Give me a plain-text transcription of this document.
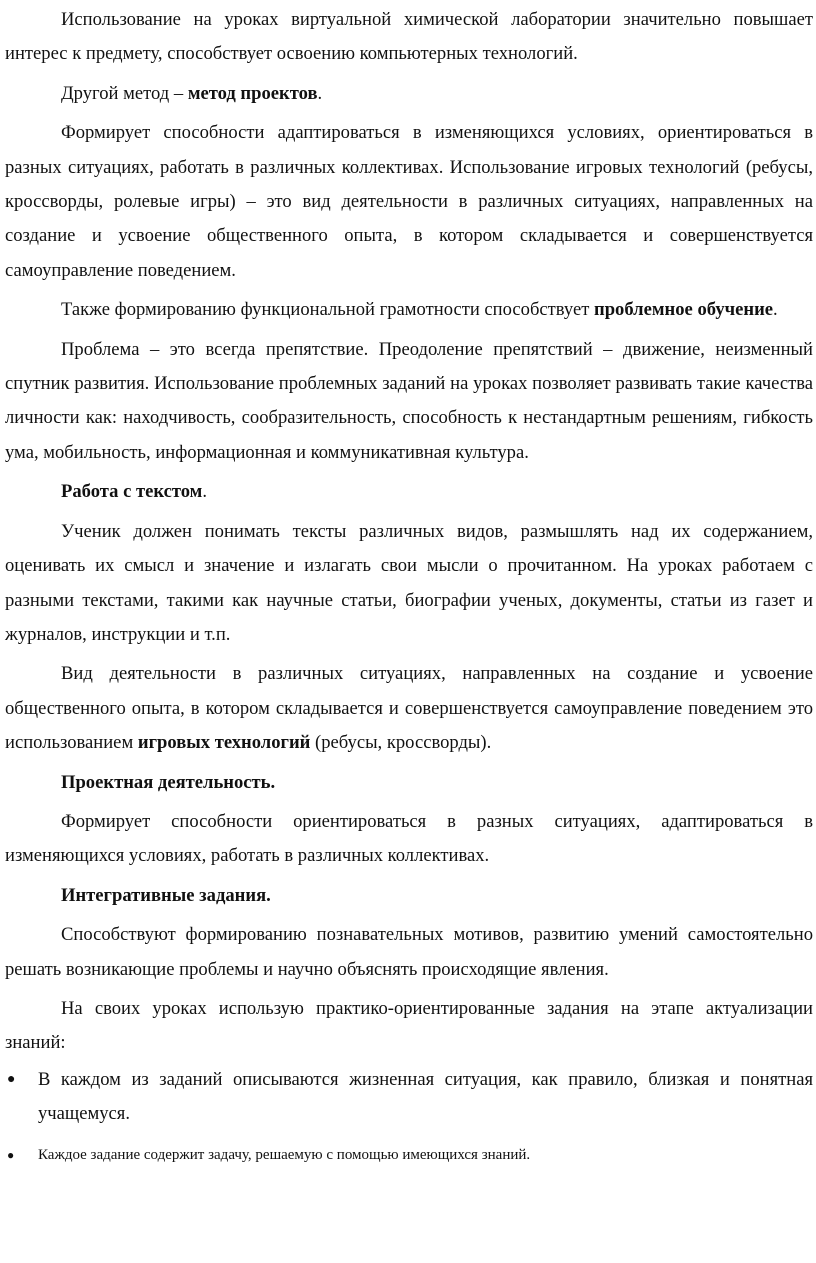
Использование на уроках виртуальной химической лаборатории значительно повышает интерес к предмету, способствует освоению компьютерных технологий.

Другой метод – метод проектов.

Формирует способности адаптироваться в изменяющихся условиях, ориентироваться в разных ситуациях, работать в различных коллективах. Использование игровых технологий (ребусы, кроссворды, ролевые игры) – это вид деятельности в различных ситуациях, направленных на создание и усвоение общественного опыта, в котором складывается и совершенствуется самоуправление поведением.

Также формированию функциональной грамотности способствует проблемное обучение.

Проблема – это всегда препятствие. Преодоление препятствий – движение, неизменный спутник развития. Использование проблемных заданий на уроках позволяет развивать такие качества личности как: находчивость, сообразительность, способность к нестандартным решениям, гибкость ума, мобильность, информационная и коммуникативная культура.

Работа с текстом.

Ученик должен понимать тексты различных видов, размышлять над их содержанием, оценивать их смысл и значение и излагать свои мысли о прочитанном. На уроках работаем с разными текстами, такими как научные статьи, биографии ученых, документы, статьи из газет и журналов, инструкции и т.п.

Вид деятельности в различных ситуациях, направленных на создание и усвоение общественного опыта, в котором складывается и совершенствуется самоуправление поведением это использованием игровых технологий (ребусы, кроссворды).

Проектная деятельность.

Формирует способности ориентироваться в разных ситуациях, адаптироваться в изменяющихся условиях, работать в различных коллективах.

Интегративные задания.

Способствуют формированию познавательных мотивов, развитию умений самостоятельно решать возникающие проблемы и научно объяснять происходящие явления.

На своих уроках использую практико-ориентированные задания на этапе актуализации знаний:

● В каждом из заданий описываются жизненная ситуация, как правило, близкая и понятная учащемуся.
● Каждое задание содержит задачу, решаемую с помощью имеющихся знаний.
